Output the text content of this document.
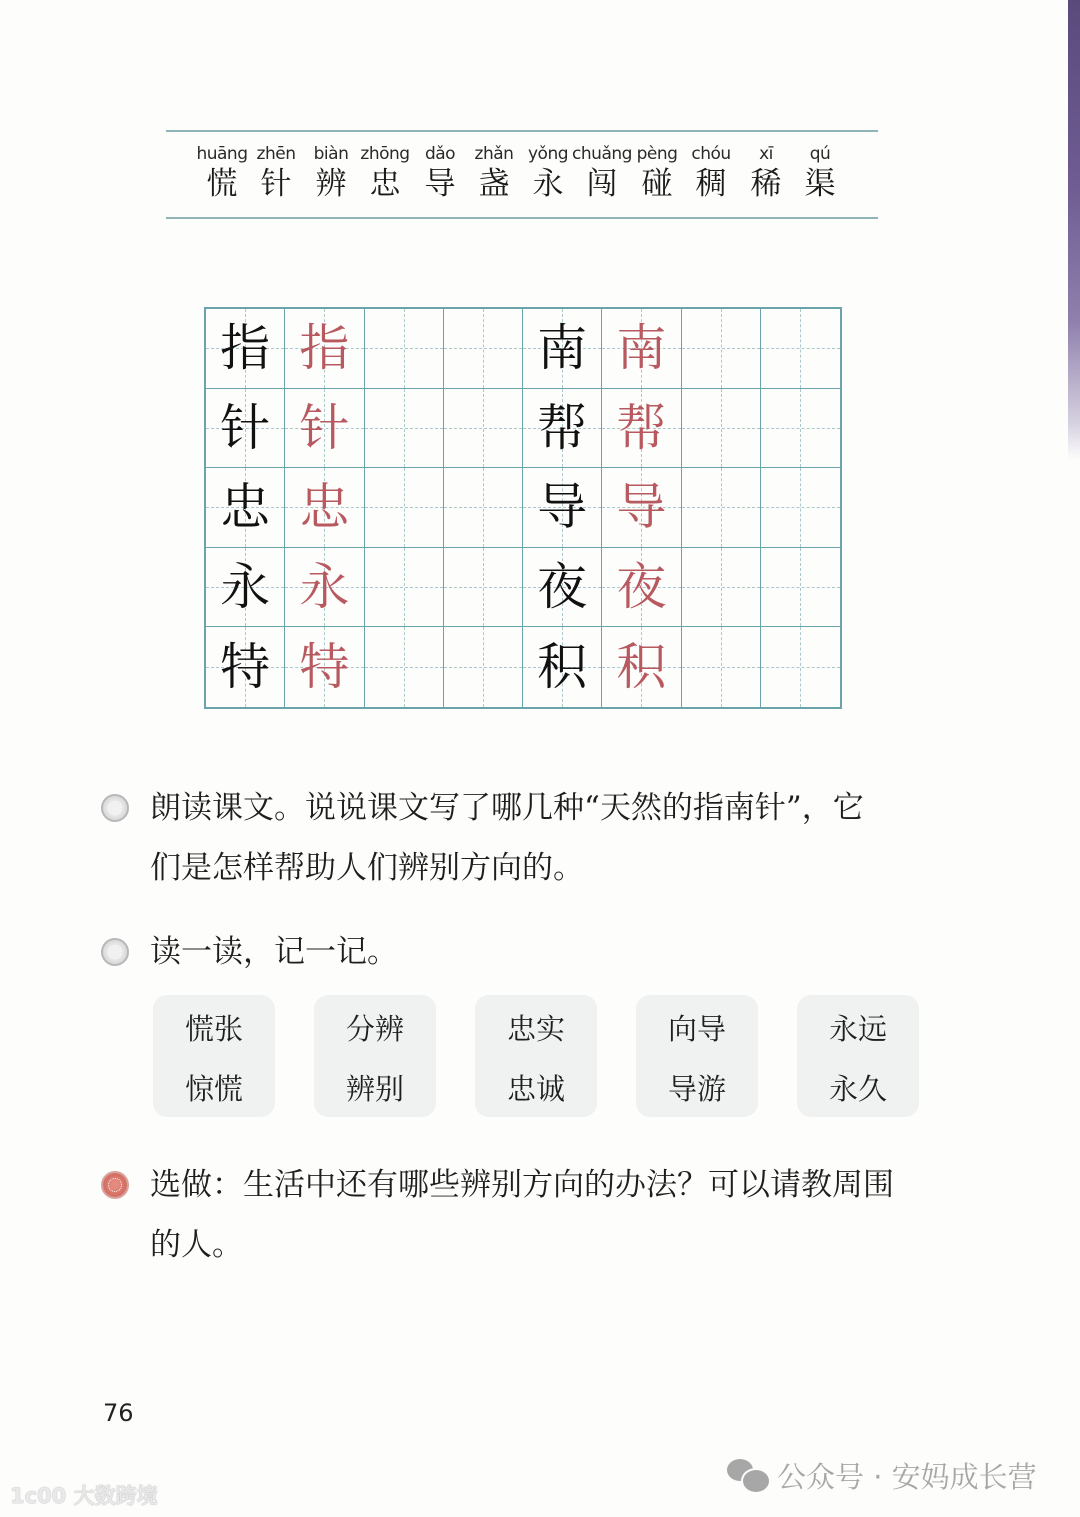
huāng
慌
zhēn
针
biàn
辨
zhōng
忠
dǎo
导
zhǎn
盏
yǒng
永
chuǎng
闯
pèng
碰
chóu
稠
xī
稀
qú
渠
指 指	南 南
针 针	帮 帮
忠 忠	导 导
永 永	夜 夜
特 特	积 积
朗读课文。说说课文写了哪几种“天然的指南针”，它
们是怎样帮助人们辨别方向的。
读一读，记一记。
慌张
惊慌
分辨
辨别
忠实
忠诚
向导
导游
永远
永久
选做：生活中还有哪些辨别方向的办法？可以请教周围
的人。
76
1c00 大数跨境
公众号 · 安妈成长营
